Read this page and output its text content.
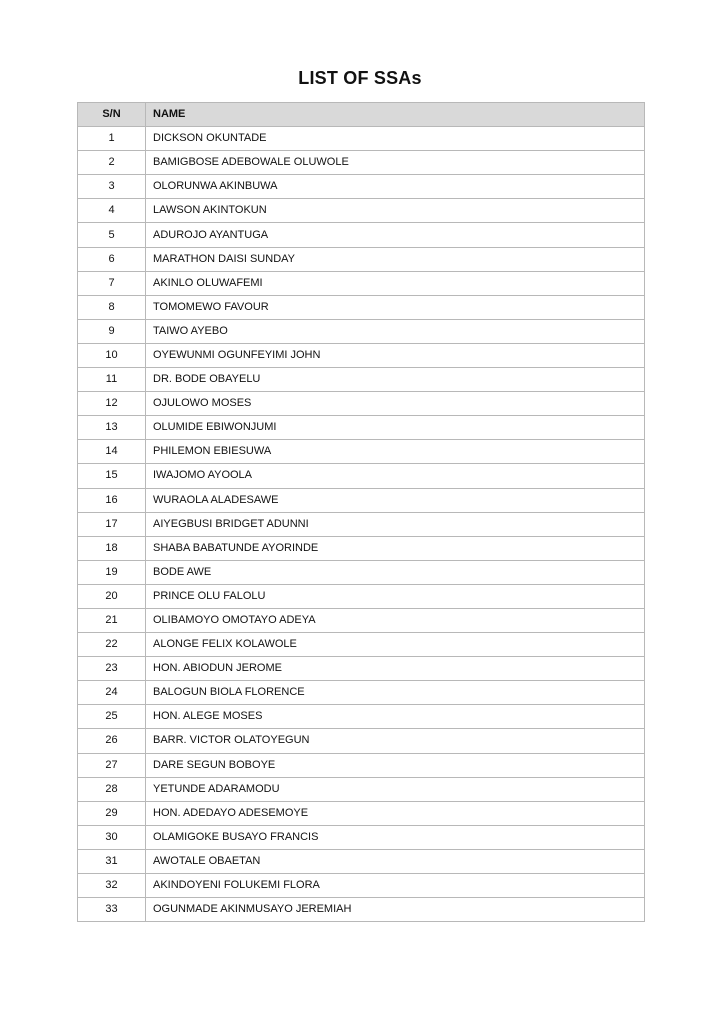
LIST OF SSAs
S/N	NAME
1	DICKSON OKUNTADE
2	BAMIGBOSE ADEBOWALE OLUWOLE
3	OLORUNWA AKINBUWA
4	LAWSON AKINTOKUN
5	ADUROJO AYANTUGA
6	MARATHON DAISI SUNDAY
7	AKINLO OLUWAFEMI
8	TOMOMEWO FAVOUR
9	TAIWO AYEBO
10	OYEWUNMI OGUNFEYIMI JOHN
11	DR. BODE OBAYELU
12	OJULOWO MOSES
13	OLUMIDE EBIWONJUMI
14	PHILEMON EBIESUWA
15	IWAJOMO AYOOLA
16	WURAOLA ALADESAWE
17	AIYEGBUSI BRIDGET ADUNNI
18	SHABA BABATUNDE AYORINDE
19	BODE AWE
20	PRINCE OLU FALOLU
21	OLIBAMOYO OMOTAYO ADEYA
22	ALONGE FELIX KOLAWOLE
23	HON. ABIODUN JEROME
24	BALOGUN BIOLA FLORENCE
25	HON. ALEGE MOSES
26	BARR. VICTOR OLATOYEGUN
27	DARE SEGUN BOBOYE
28	YETUNDE ADARAMODU
29	HON. ADEDAYO ADESEMOYE
30	OLAMIGOKE BUSAYO FRANCIS
31	AWOTALE OBAETAN
32	AKINDOYENI FOLUKEMI FLORA
33	OGUNMADE AKINMUSAYO JEREMIAH
